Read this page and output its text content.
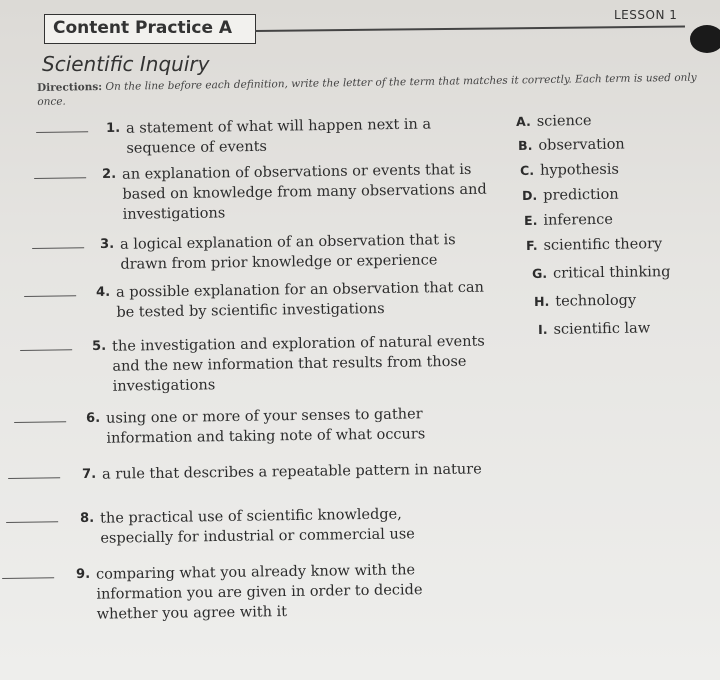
Content Practice A
LESSON 1
Scientific Inquiry
Directions: On the line before each definition, write the letter of the term that matches it correctly. Each term is used only once.
1. a statement of what will happen next in a sequence of events
2. an explanation of observations or events that is based on knowledge from many observations and investigations
3. a logical explanation of an observation that is drawn from prior knowledge or experience
4. a possible explanation for an observation that can be tested by scientific investigations
5. the investigation and exploration of natural events and the new information that results from those investigations
6. using one or more of your senses to gather information and taking note of what occurs
7. a rule that describes a repeatable pattern in nature
8. the practical use of scientific knowledge, especially for industrial or commercial use
9. comparing what you already know with the information you are given in order to decide whether you agree with it
A. science
B. observation
C. hypothesis
D. prediction
E. inference
F. scientific theory
G. critical thinking
H. technology
I. scientific law
